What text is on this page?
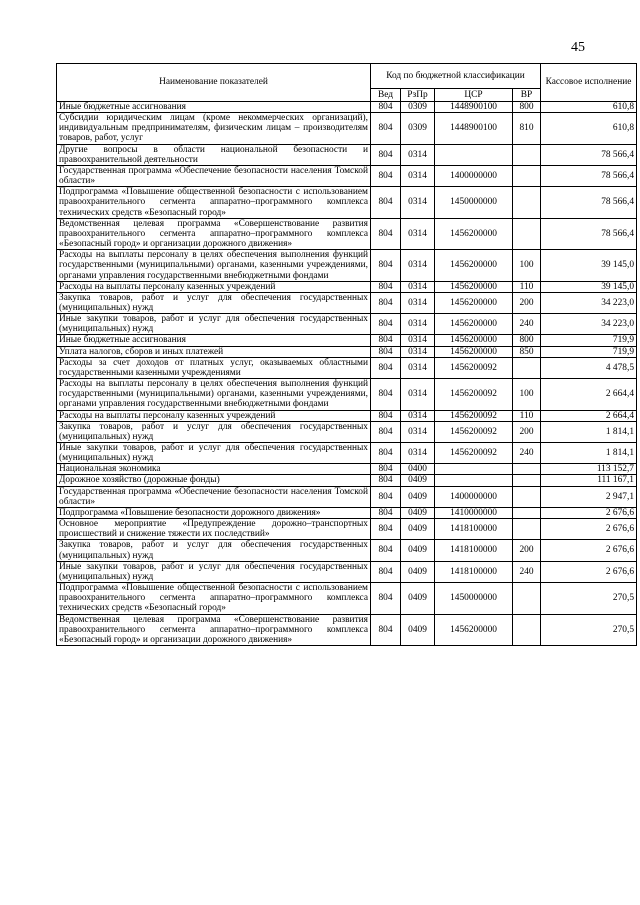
45
Наименование показателей	Код по бюджетной классификации				Кассовое исполнение
	Вед	РзПр	ЦСР	ВР	
Иные бюджетные ассигнования	804	0309	1448900100	800	610,8
Субсидии юридическим лицам (кроме некоммерческих организаций), индивидуальным предпринимателям, физическим лицам – производителям товаров, работ, услуг	804	0309	1448900100	810	610,8
Другие вопросы в области национальной безопасности и правоохранительной деятельности	804	0314			78 566,4
Государственная программа «Обеспечение безопасности населения Томской области»	804	0314	1400000000		78 566,4
Подпрограмма «Повышение общественной безопасности с использованием правоохранительного сегмента аппаратно–программного комплекса технических средств «Безопасный город»	804	0314	1450000000		78 566,4
Ведомственная целевая программа «Совершенствование развития правоохранительного сегмента аппаратно–программного комплекса «Безопасный город» и организации дорожного движения»	804	0314	1456200000		78 566,4
Расходы на выплаты персоналу в целях обеспечения выполнения функций государственными (муниципальными) органами, казенными учреждениями, органами управления государственными внебюджетными фондами	804	0314	1456200000	100	39 145,0
Расходы на выплаты персоналу казенных учреждений	804	0314	1456200000	110	39 145,0
Закупка товаров, работ и услуг для обеспечения государственных (муниципальных) нужд	804	0314	1456200000	200	34 223,0
Иные закупки товаров, работ и услуг для обеспечения государственных (муниципальных) нужд	804	0314	1456200000	240	34 223,0
Иные бюджетные ассигнования	804	0314	1456200000	800	719,9
Уплата налогов, сборов и иных платежей	804	0314	1456200000	850	719,9
Расходы за счет доходов от платных услуг, оказываемых областными государственными казенными учреждениями	804	0314	1456200092		4 478,5
Расходы на выплаты персоналу в целях обеспечения выполнения функций государственными (муниципальными) органами, казенными учреждениями, органами управления государственными внебюджетными фондами	804	0314	1456200092	100	2 664,4
Расходы на выплаты персоналу казенных учреждений	804	0314	1456200092	110	2 664,4
Закупка товаров, работ и услуг для обеспечения государственных (муниципальных) нужд	804	0314	1456200092	200	1 814,1
Иные закупки товаров, работ и услуг для обеспечения государственных (муниципальных) нужд	804	0314	1456200092	240	1 814,1
Национальная экономика	804	0400			113 152,7
Дорожное хозяйство (дорожные фонды)	804	0409			111 167,1
Государственная программа «Обеспечение безопасности населения Томской области»	804	0409	1400000000		2 947,1
Подпрограмма «Повышение безопасности дорожного движения»	804	0409	1410000000		2 676,6
Основное мероприятие «Предупреждение дорожно–транспортных происшествий и снижение тяжести их последствий»	804	0409	1418100000		2 676,6
Закупка товаров, работ и услуг для обеспечения государственных (муниципальных) нужд	804	0409	1418100000	200	2 676,6
Иные закупки товаров, работ и услуг для обеспечения государственных (муниципальных) нужд	804	0409	1418100000	240	2 676,6
Подпрограмма «Повышение общественной безопасности с использованием правоохранительного сегмента аппаратно–программного комплекса технических средств «Безопасный город»	804	0409	1450000000		270,5
Ведомственная целевая программа «Совершенствование развития правоохранительного сегмента аппаратно–программного комплекса «Безопасный город» и организации дорожного движения»	804	0409	1456200000		270,5
